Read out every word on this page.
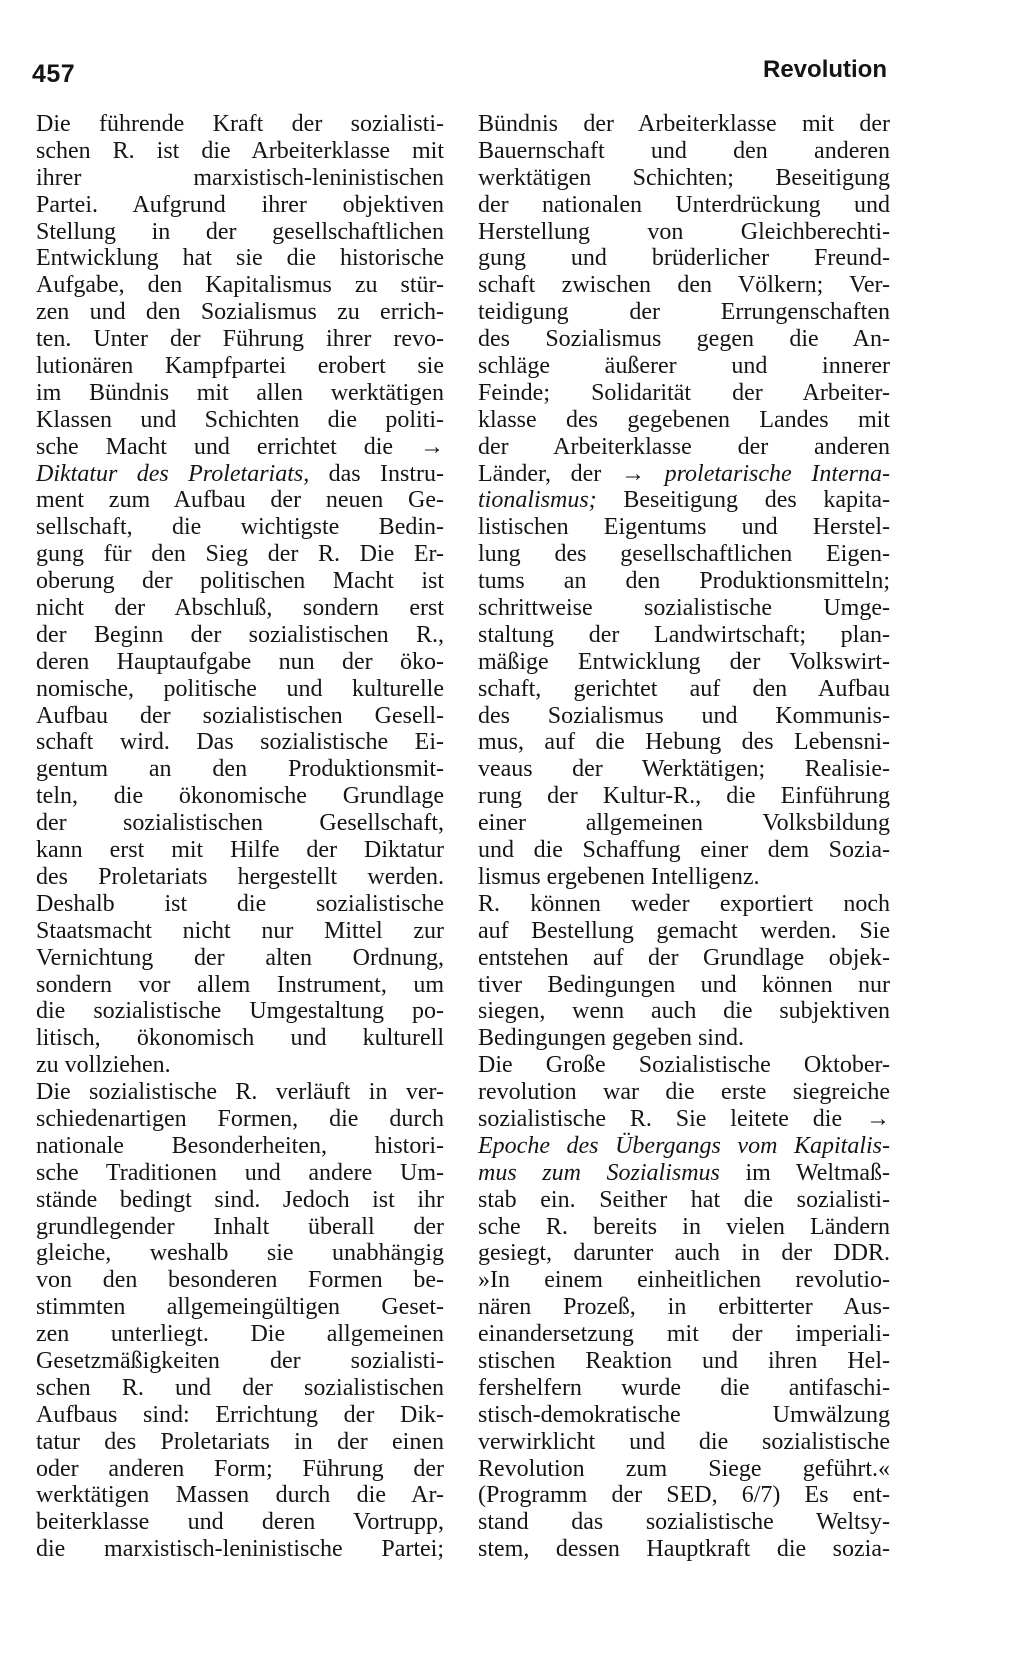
457	Revolution
Die führende Kraft der sozialisti-
schen R. ist die Arbeiterklasse mit
ihrer marxistisch-leninistischen
Partei. Aufgrund ihrer objektiven
Stellung in der gesellschaftlichen
Entwicklung hat sie die historische
Aufgabe, den Kapitalismus zu stür-
zen und den Sozialismus zu errich-
ten. Unter der Führung ihrer revo-
lutionären Kampfpartei erobert sie
im Bündnis mit allen werktätigen
Klassen und Schichten die politi-
sche Macht und errichtet die →
Diktatur des Proletariats, das Instru-
ment zum Aufbau der neuen Ge-
sellschaft, die wichtigste Bedin-
gung für den Sieg der R. Die Er-
oberung der politischen Macht ist
nicht der Abschluß, sondern erst
der Beginn der sozialistischen R.,
deren Hauptaufgabe nun der öko-
nomische, politische und kulturelle
Aufbau der sozialistischen Gesell-
schaft wird. Das sozialistische Ei-
gentum an den Produktionsmit-
teln, die ökonomische Grundlage
der sozialistischen Gesellschaft,
kann erst mit Hilfe der Diktatur
des Proletariats hergestellt werden.
Deshalb ist die sozialistische
Staatsmacht nicht nur Mittel zur
Vernichtung der alten Ordnung,
sondern vor allem Instrument, um
die sozialistische Umgestaltung po-
litisch, ökonomisch und kulturell
zu vollziehen.
Die sozialistische R. verläuft in ver-
schiedenartigen Formen, die durch
nationale Besonderheiten, histori-
sche Traditionen und andere Um-
stände bedingt sind. Jedoch ist ihr
grundlegender Inhalt überall der
gleiche, weshalb sie unabhängig
von den besonderen Formen be-
stimmten allgemeingültigen Geset-
zen unterliegt. Die allgemeinen
Gesetzmäßigkeiten der sozialisti-
schen R. und der sozialistischen
Aufbaus sind: Errichtung der Dik-
tatur des Proletariats in der einen
oder anderen Form; Führung der
werktätigen Massen durch die Ar-
beiterklasse und deren Vortrupp,
die marxistisch-leninistische Partei;
Bündnis der Arbeiterklasse mit der
Bauernschaft und den anderen
werktätigen Schichten; Beseitigung
der nationalen Unterdrückung und
Herstellung von Gleichberechti-
gung und brüderlicher Freund-
schaft zwischen den Völkern; Ver-
teidigung der Errungenschaften
des Sozialismus gegen die An-
schläge äußerer und innerer
Feinde; Solidarität der Arbeiter-
klasse des gegebenen Landes mit
der Arbeiterklasse der anderen
Länder, der → proletarische Interna-
tionalismus; Beseitigung des kapita-
listischen Eigentums und Herstel-
lung des gesellschaftlichen Eigen-
tums an den Produktionsmitteln;
schrittweise sozialistische Umge-
staltung der Landwirtschaft; plan-
mäßige Entwicklung der Volkswirt-
schaft, gerichtet auf den Aufbau
des Sozialismus und Kommunis-
mus, auf die Hebung des Lebensni-
veaus der Werktätigen; Realisie-
rung der Kultur-R., die Einführung
einer allgemeinen Volksbildung
und die Schaffung einer dem Sozia-
lismus ergebenen Intelligenz.
R. können weder exportiert noch
auf Bestellung gemacht werden. Sie
entstehen auf der Grundlage objek-
tiver Bedingungen und können nur
siegen, wenn auch die subjektiven
Bedingungen gegeben sind.
Die Große Sozialistische Oktober-
revolution war die erste siegreiche
sozialistische R. Sie leitete die →
Epoche des Übergangs vom Kapitalis-
mus zum Sozialismus im Weltmaß-
stab ein. Seither hat die sozialisti-
sche R. bereits in vielen Ländern
gesiegt, darunter auch in der DDR.
»In einem einheitlichen revolutio-
nären Prozeß, in erbitterter Aus-
einandersetzung mit der imperiali-
stischen Reaktion und ihren Hel-
fershelfern wurde die antifaschi-
stisch-demokratische Umwälzung
verwirklicht und die sozialistische
Revolution zum Siege geführt.«
(Programm der SED, 6/7) Es ent-
stand das sozialistische Weltsy-
stem, dessen Hauptkraft die sozia-
